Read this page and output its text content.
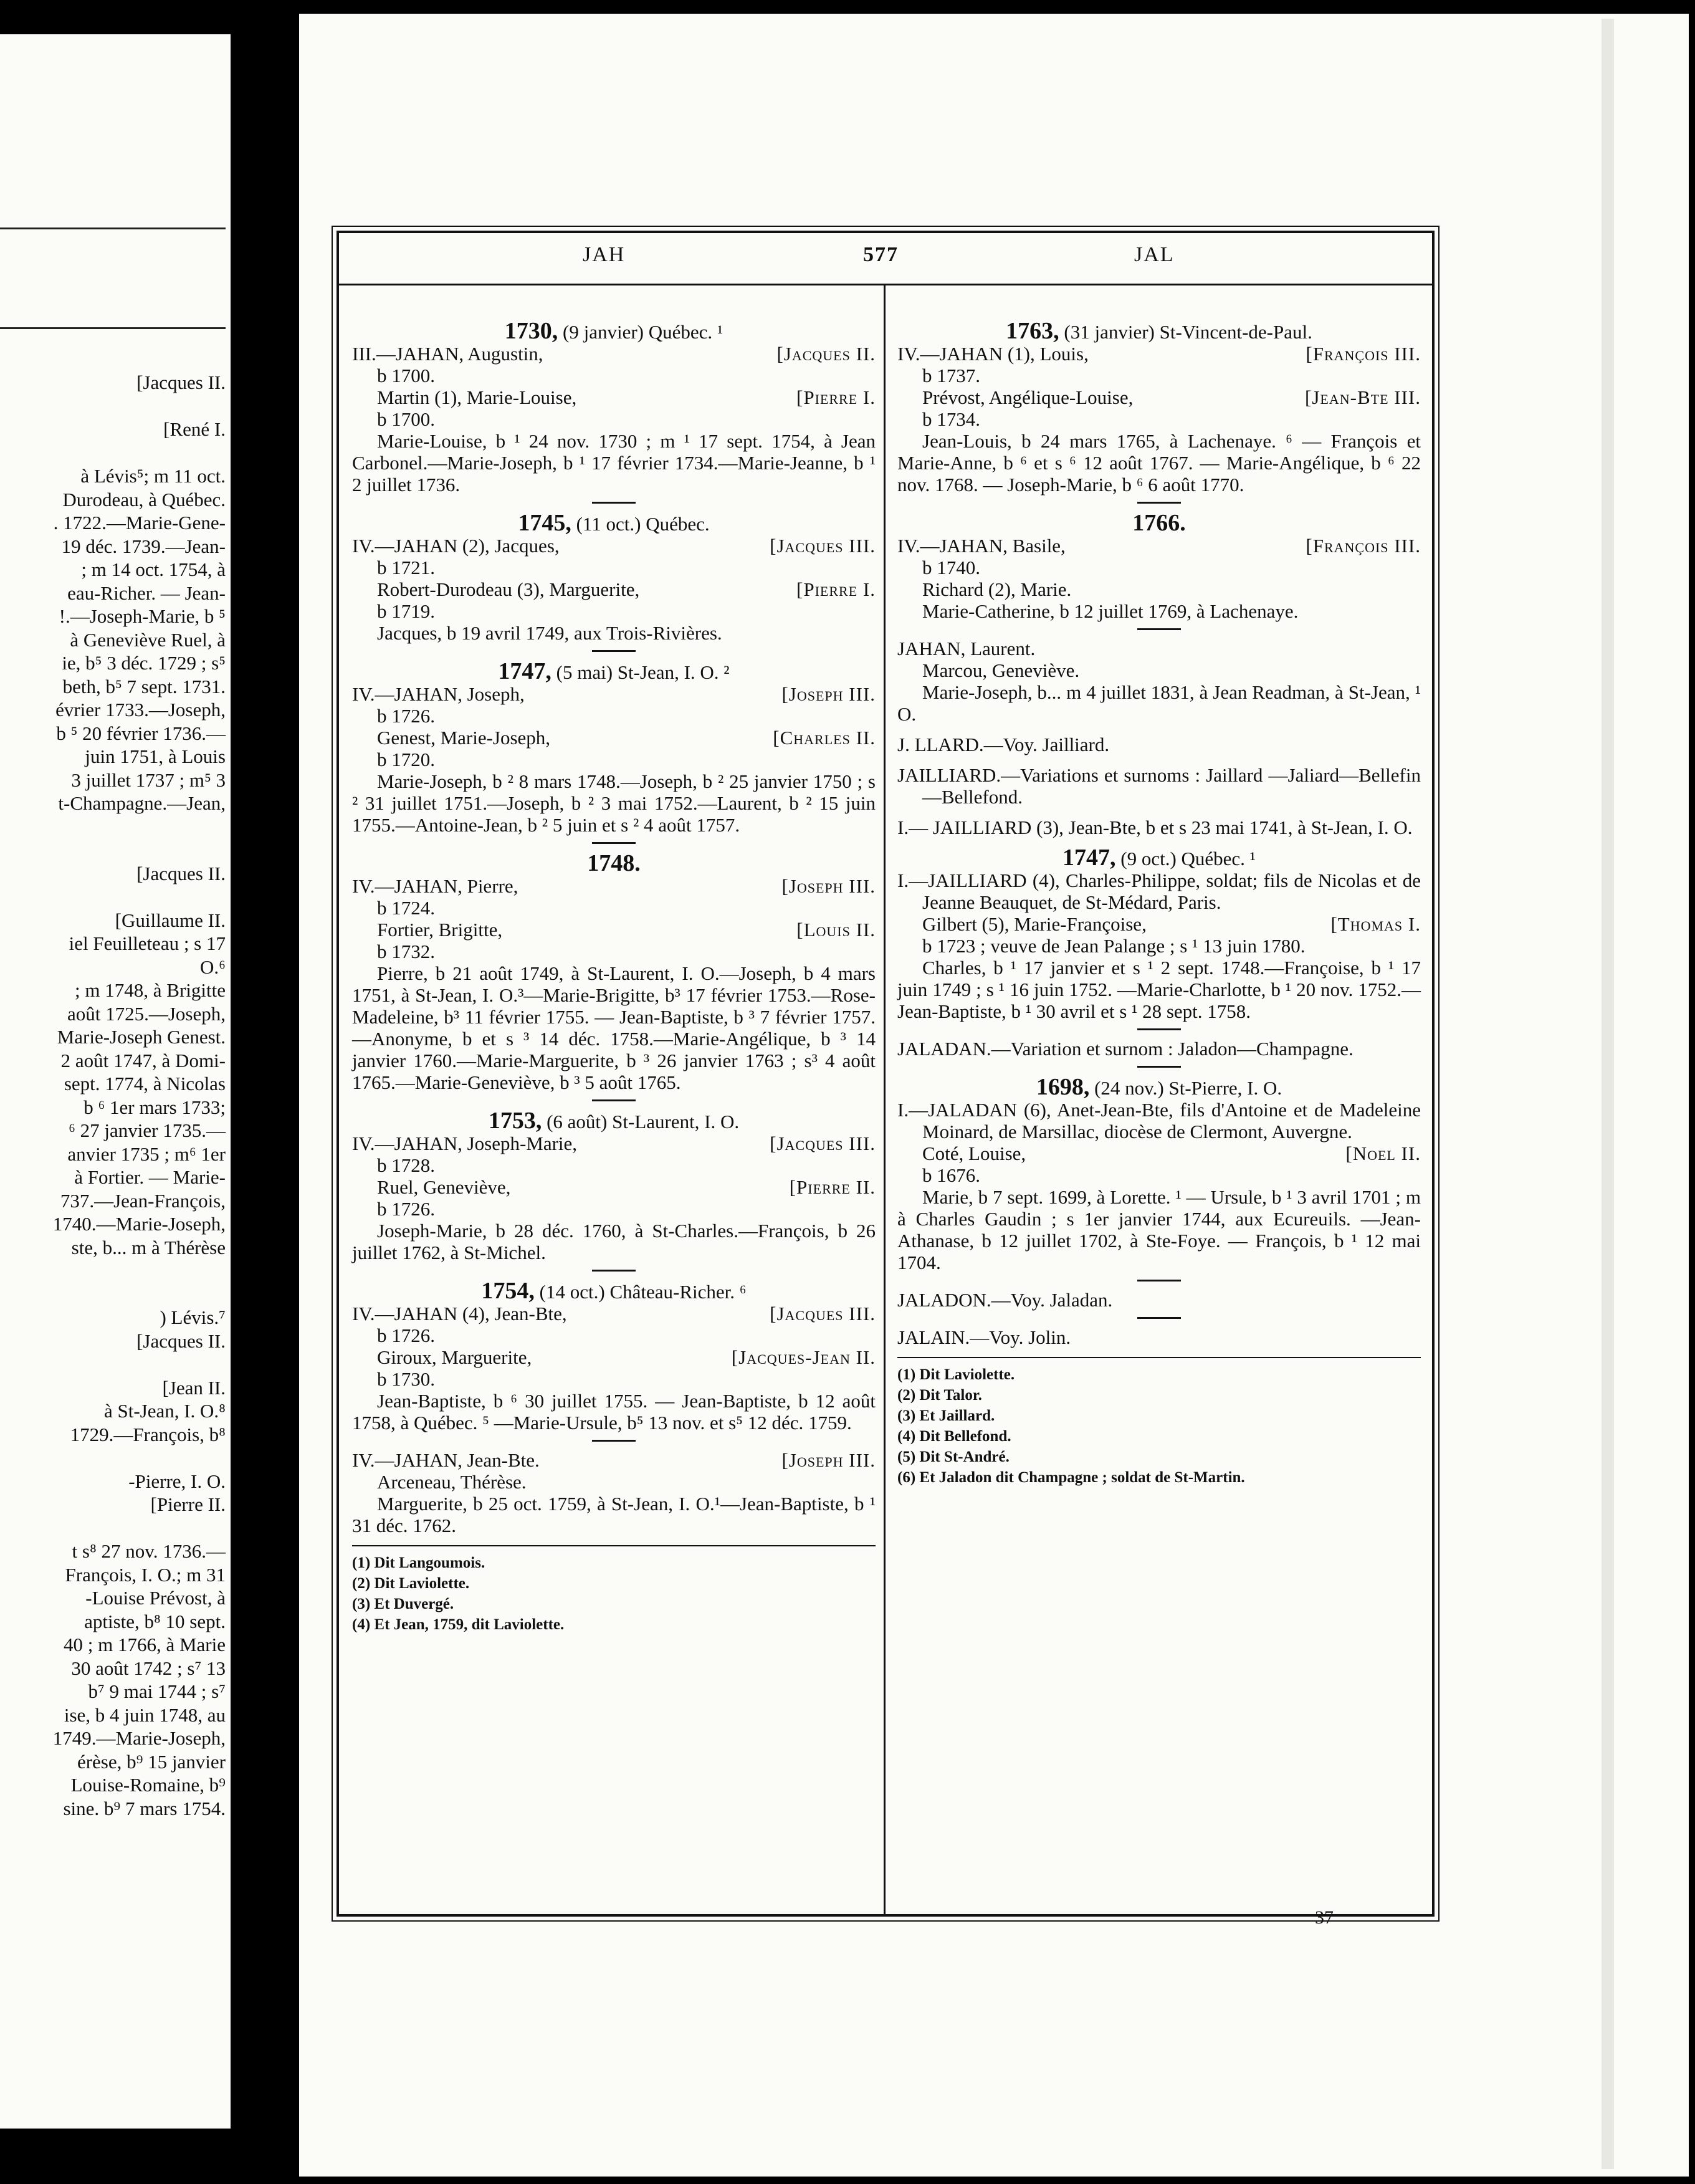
[Jacques II.
[René I.
à Lévis⁵; m 11 oct.
Durodeau, à Québec.
. 1722.—Marie-Gene-
19 déc. 1739.—Jean-
; m 14 oct. 1754, à
eau-Richer. — Jean-
!.—Joseph-Marie, b ⁵
à Geneviève Ruel, à
ie, b⁵ 3 déc. 1729 ; s⁵
beth, b⁵ 7 sept. 1731.
évrier 1733.—Joseph,
b ⁵ 20 février 1736.—
juin 1751, à Louis
3 juillet 1737 ; m⁵ 3
t-Champagne.—Jean,
[Jacques II.
[Guillaume II.
iel Feuilleteau ; s 17
O.⁶
; m 1748, à Brigitte
août 1725.—Joseph,
Marie-Joseph Genest.
2 août 1747, à Domi-
sept. 1774, à Nicolas
b ⁶ 1er mars 1733;
⁶ 27 janvier 1735.—
anvier 1735 ; m⁶ 1er
à Fortier. — Marie-
737.—Jean-François,
1740.—Marie-Joseph,
ste, b... m à Thérèse
) Lévis.⁷
[Jacques II.
[Jean II.
à St-Jean, I. O.⁸
1729.—François, b⁸
-Pierre, I. O.
[Pierre II.
t s⁸ 27 nov. 1736.—
François, I. O.; m 31
-Louise Prévost, à
aptiste, b⁸ 10 sept.
40 ; m 1766, à Marie
30 août 1742 ; s⁷ 13
b⁷ 9 mai 1744 ; s⁷
ise, b 4 juin 1748, au
1749.—Marie-Joseph,
érèse, b⁹ 15 janvier
Louise-Romaine, b⁹
sine. b⁹ 7 mars 1754.
JAH	577	JAL

1730, (9 janvier) Québec. ¹

III.—JAHAN, Augustin,	[Jacques II.

b 1700.

Martin (1), Marie-Louise,	[Pierre I.

b 1700.

Marie-Louise, b ¹ 24 nov. 1730 ; m ¹ 17 sept. 1754, à Jean Carbonel.—Marie-Joseph, b ¹ 17 février 1734.—Marie-Jeanne, b ¹ 2 juillet 1736.

1745, (11 oct.) Québec.

IV.—JAHAN (2), Jacques,	[Jacques III.

b 1721.

Robert-Durodeau (3), Marguerite,	[Pierre I.

b 1719.

Jacques, b 19 avril 1749, aux Trois-Rivières.

1747, (5 mai) St-Jean, I. O. ²

IV.—JAHAN, Joseph,	[Joseph III.

b 1726.

Genest, Marie-Joseph,	[Charles II.

b 1720.

Marie-Joseph, b ² 8 mars 1748.—Joseph, b ² 25 janvier 1750 ; s ² 31 juillet 1751.—Joseph, b ² 3 mai 1752.—Laurent, b ² 15 juin 1755.—Antoine-Jean, b ² 5 juin et s ² 4 août 1757.

1748.

IV.—JAHAN, Pierre,	[Joseph III.

b 1724.

Fortier, Brigitte,	[Louis II.

b 1732.

Pierre, b 21 août 1749, à St-Laurent, I. O.—Joseph, b 4 mars 1751, à St-Jean, I. O.³—Marie-Brigitte, b³ 17 février 1753.—Rose-Madeleine, b³ 11 février 1755. — Jean-Baptiste, b ³ 7 février 1757.—Anonyme, b et s ³ 14 déc. 1758.—Marie-Angélique, b ³ 14 janvier 1760.—Marie-Marguerite, b ³ 26 janvier 1763 ; s³ 4 août 1765.—Marie-Geneviève, b ³ 5 août 1765.

1753, (6 août) St-Laurent, I. O.

IV.—JAHAN, Joseph-Marie,	[Jacques III.

b 1728.

Ruel, Geneviève,	[Pierre II.

b 1726.

Joseph-Marie, b 28 déc. 1760, à St-Charles.—François, b 26 juillet 1762, à St-Michel.

1754, (14 oct.) Château-Richer. ⁶

IV.—JAHAN (4), Jean-Bte,	[Jacques III.

b 1726.

Giroux, Marguerite,	[Jacques-Jean II.

b 1730.

Jean-Baptiste, b ⁶ 30 juillet 1755. — Jean-Baptiste, b 12 août 1758, à Québec. ⁵ —Marie-Ursule, b⁵ 13 nov. et s⁵ 12 déc. 1759.

IV.—JAHAN, Jean-Bte.	[Joseph III.

Arceneau, Thérèse.

Marguerite, b 25 oct. 1759, à St-Jean, I. O.¹—Jean-Baptiste, b ¹ 31 déc. 1762.

(1) Dit Langoumois.

(2) Dit Laviolette.

(3) Et Duvergé.

(4) Et Jean, 1759, dit Laviolette.

1763, (31 janvier) St-Vincent-de-Paul.

IV.—JAHAN (1), Louis,	[François III.

b 1737.

Prévost, Angélique-Louise,	[Jean-Bte III.

b 1734.

Jean-Louis, b 24 mars 1765, à Lachenaye. ⁶ — François et Marie-Anne, b ⁶ et s ⁶ 12 août 1767. — Marie-Angélique, b ⁶ 22 nov. 1768. — Joseph-Marie, b ⁶ 6 août 1770.

1766.

IV.—JAHAN, Basile,	[François III.

b 1740.

Richard (2), Marie.

Marie-Catherine, b 12 juillet 1769, à Lachenaye.

JAHAN, Laurent.

Marcou, Geneviève.

Marie-Joseph, b... m 4 juillet 1831, à Jean Readman, à St-Jean, ¹ O.

J. LLARD.—Voy. Jailliard.

JAILLIARD.—Variations et surnoms : Jaillard —Jaliard—Bellefin—Bellefond.

I.— JAILLIARD (3), Jean-Bte, b et s 23 mai 1741, à St-Jean, I. O.

1747, (9 oct.) Québec. ¹

I.—JAILLIARD (4), Charles-Philippe, soldat; fils de Nicolas et de Jeanne Beauquet, de St-Médard, Paris.

Gilbert (5), Marie-Françoise,	[Thomas I.

b 1723 ; veuve de Jean Palange ; s ¹ 13 juin 1780.

Charles, b ¹ 17 janvier et s ¹ 2 sept. 1748.—Françoise, b ¹ 17 juin 1749 ; s ¹ 16 juin 1752. —Marie-Charlotte, b ¹ 20 nov. 1752.— Jean-Baptiste, b ¹ 30 avril et s ¹ 28 sept. 1758.

JALADAN.—Variation et surnom : Jaladon—Champagne.

1698, (24 nov.) St-Pierre, I. O.

I.—JALADAN (6), Anet-Jean-Bte, fils d'Antoine et de Madeleine Moinard, de Marsillac, diocèse de Clermont, Auvergne.

Coté, Louise,	[Noel II.

b 1676.

Marie, b 7 sept. 1699, à Lorette. ¹ — Ursule, b ¹ 3 avril 1701 ; m à Charles Gaudin ; s 1er janvier 1744, aux Ecureuils. —Jean-Athanase, b 12 juillet 1702, à Ste-Foye. — François, b ¹ 12 mai 1704.

JALADON.—Voy. Jaladan.

JALAIN.—Voy. Jolin.

(1) Dit Laviolette.

(2) Dit Talor.

(3) Et Jaillard.

(4) Dit Bellefond.

(5) Dit St-André.

(6) Et Jaladon dit Champagne ; soldat de St-Martin.

37
